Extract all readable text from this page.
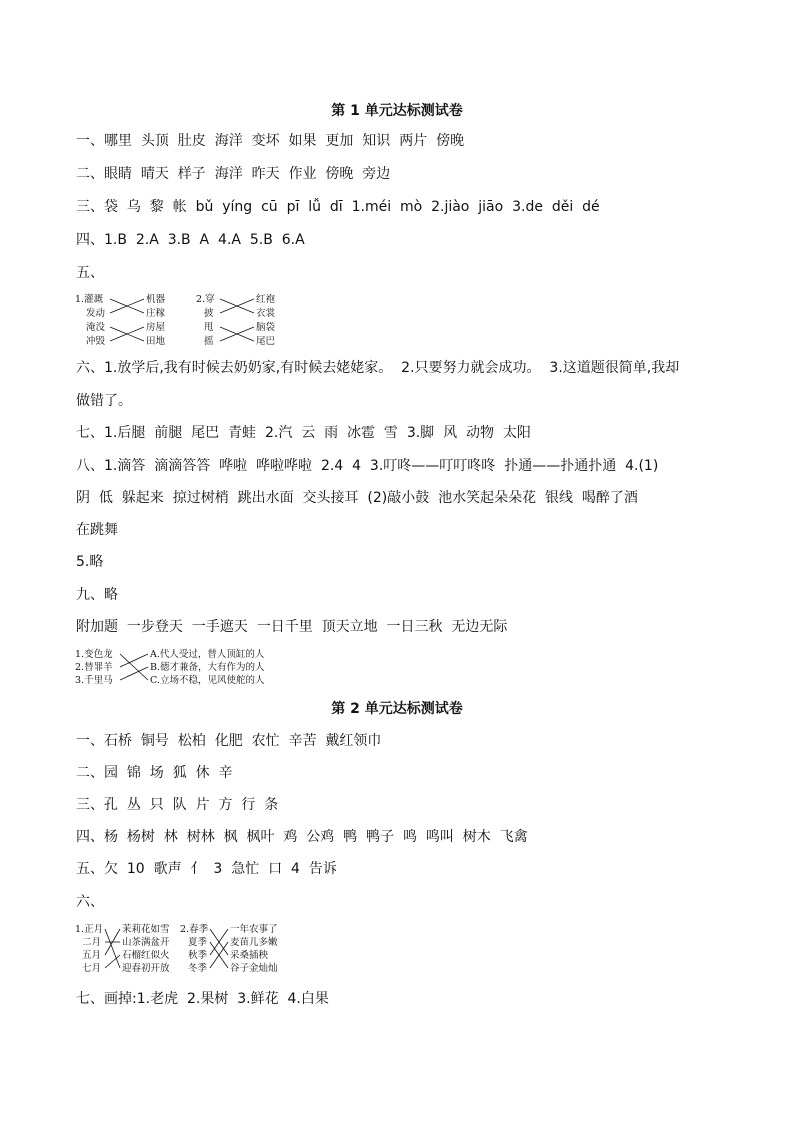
第 1 单元达标测试卷
一、哪里  头顶  肚皮  海洋  变坏  如果  更加  知识  两片  傍晚
二、眼睛  晴天  样子  海洋  昨天  作业  傍晚  旁边
三、袋  乌  黎  帐  bǔ  yíng  cū  pī  lǚ  dī  1.méi  mò  2.jiào  jiāo  3.de  děi  dé
四、1.B  2.A  3.B  A  4.A  5.B  6.A
五、
1.灌溉
发动
淹没
冲毁
机器
庄稼
房屋
田地
2.穿
披
甩
摇
红袍
衣裳
脑袋
尾巴
六、1.放学后,我有时候去奶奶家,有时候去姥姥家。  2.只要努力就会成功。  3.这道题很简单,我却
做错了。
七、1.后腿  前腿  尾巴  青蛙  2.汽  云  雨  冰雹  雪  3.脚  风  动物  太阳
八、1.滴答  滴滴答答  哗啦  哗啦哗啦  2.4  4  3.叮咚——叮叮咚咚  扑通——扑通扑通  4.(1)
阴  低  躲起来  掠过树梢  跳出水面  交头接耳  (2)敲小鼓  池水笑起朵朵花  银线  喝醉了酒
在跳舞
5.略
九、略
附加题  一步登天  一手遮天  一日千里  顶天立地  一日三秋  无边无际
1.变色龙
2.替罪羊
3.千里马
A.代人受过，替人顶缸的人
B.德才兼备，大有作为的人
C.立场不稳，见风使舵的人
第 2 单元达标测试卷
一、石桥  铜号  松柏  化肥  农忙  辛苦  戴红领巾
二、园  锦  场  狐  休  辛
三、孔  丛  只  队  片  方  行  条
四、杨  杨树  林  树林  枫  枫叶  鸡  公鸡  鸭  鸭子  鸣  鸣叫  树木  飞禽
五、欠  10  歌声  亻  3  急忙  口  4  告诉
六、
1.正月
二月
五月
七月
茉莉花如雪
山茶满盆开
石榴红似火
迎春初开放
2.春季
夏季
秋季
冬季
一年农事了
麦苗儿多嫩
采桑插秧
谷子金灿灿
七、画掉:1.老虎  2.果树  3.鲜花  4.白果
